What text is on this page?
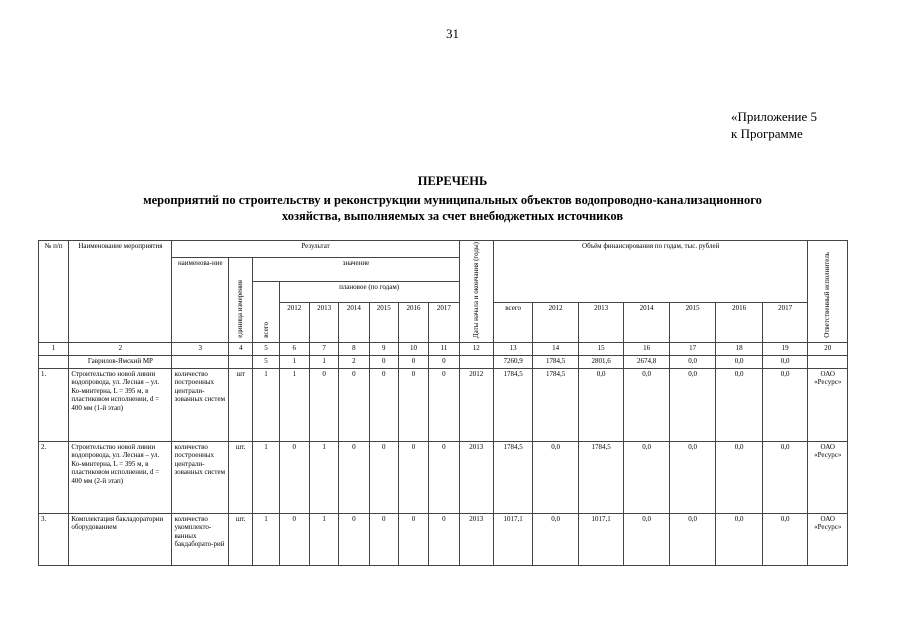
31
«Приложение 5
к Программе
ПЕРЕЧЕНЬ
мероприятий по строительству и реконструкции муниципальных объектов водопроводно-канализационного
хозяйства, выполняемых за счет внебюджетных источников
№ п/п	Наименование мероприятия	Результат									Даты начала и окончания (годы)	Объём финансирования по годам, тыс. рублей							Ответственный исполнитель
		наименова-ние	единица измерения	значение															
				всего	плановое (по годам)														
					2012	2013	2014	2015	2016	2017		всего	2012	2013	2014	2015	2016	2017	
1	2	3	4	5	6	7	8	9	10	11	12	13	14	15	16	17	18	19	20
	Гаврилов-Ямский МР			5	1	1	2	0	0	0		7260,9	1784,5	2801,6	2674,8	0,0	0,0	0,0	
1.	Строительство новой линии водопровода, ул. Лесная – ул. Ко-минтерна, L = 395 м, в пластиковом исполнении, d = 400 мм (1-й этап)	количество построенных централи-зованных систем	шт	1	1	0	0	0	0	0	2012	1784,5	1784,5	0,0	0,0	0,0	0,0	0,0	ОАО «Ресурс»
2.	Строительство новой линии водопровода, ул. Лесная – ул. Ко-минтерна, L = 395 м, в пластиковом исполнении, d = 400 мм (2-й этап)	количество построенных централи-зованных систем	шт.	1	0	1	0	0	0	0	2013	1784,5	0,0	1784,5	0,0	0,0	0,0	0,0	ОАО «Ресурс»
3.	Комплектация бакладоратории оборудованием	количество укомплекто-ванных бакдаборато-рий	шт.	1	0	1	0	0	0	0	2013	1017,1	0,0	1017,1	0,0	0,0	0,0	0,0	ОАО «Ресурс»
